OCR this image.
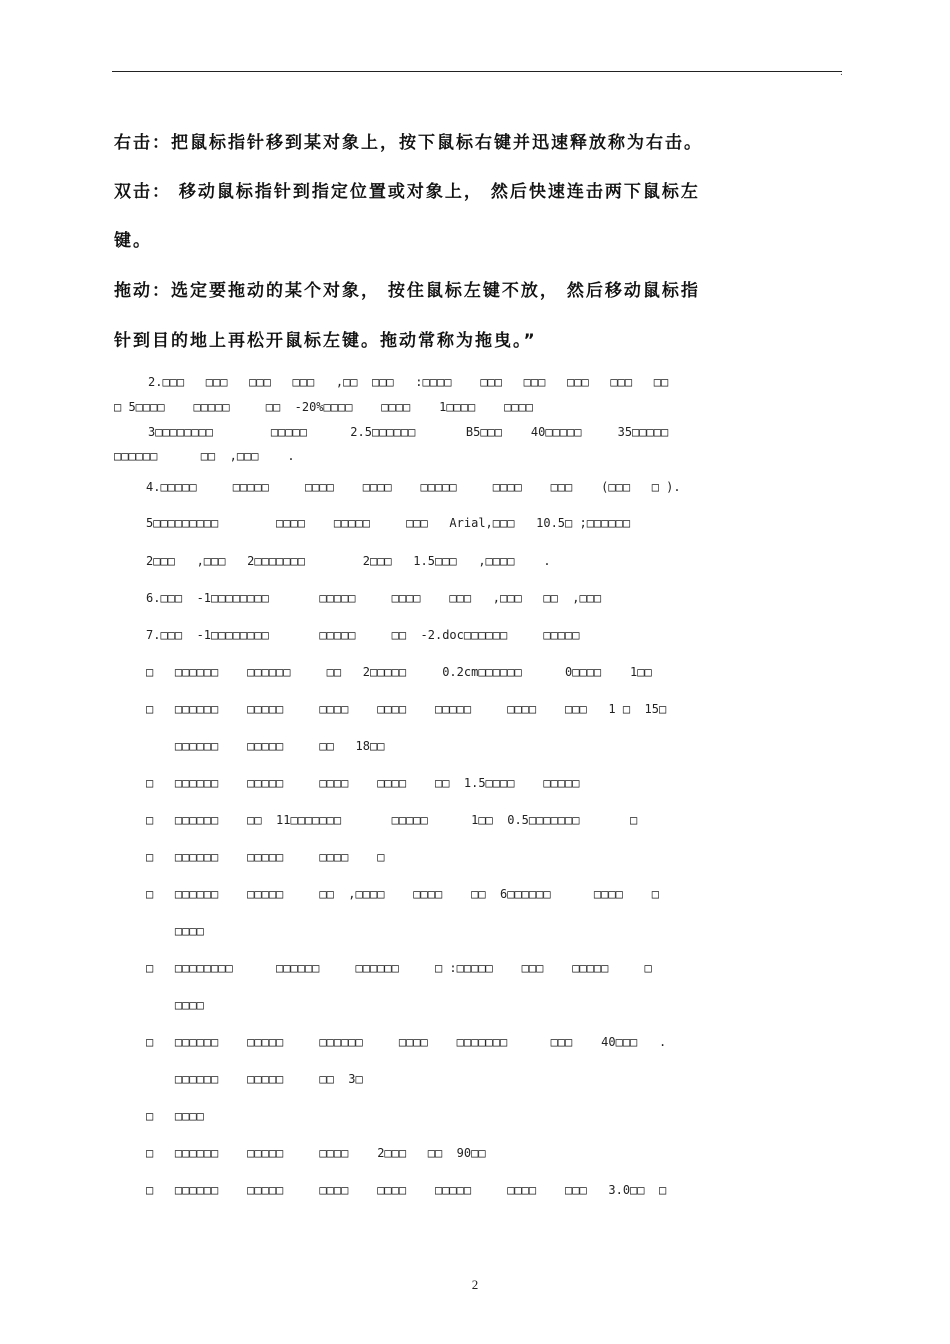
.
右击：把鼠标指针移到某对象上，按下鼠标右键并迅速释放称为右击。
双击： 移动鼠标指针到指定位置或对象上， 然后快速连击两下鼠标左
键。
拖动：选定要拖动的某个对象， 按住鼠标左键不放， 然后移动鼠标指
针到目的地上再松开鼠标左键。拖动常称为拖曳。”
2.□□□   □□□   □□□   □□□   ,□□  □□□   :□□□□    □□□   □□□   □□□   □□□   □□
□ 5□□□□    □□□□□     □□  -20%□□□□    □□□□    1□□□□    □□□□
3□□□□□□□□        □□□□□      2.5□□□□□□       B5□□□    40□□□□□     35□□□□□
□□□□□□      □□  ,□□□    .
4.□□□□□     □□□□□     □□□□    □□□□    □□□□□     □□□□    □□□    (□□□   □ ).
5□□□□□□□□□        □□□□    □□□□□     □□□   Arial,□□□   10.5□ ;□□□□□□
2□□□   ,□□□   2□□□□□□□        2□□□   1.5□□□   ,□□□□    .
6.□□□  -1□□□□□□□□       □□□□□     □□□□    □□□   ,□□□   □□  ,□□□
7.□□□  -1□□□□□□□□       □□□□□     □□  -2.doc□□□□□□     □□□□□
□   □□□□□□    □□□□□□     □□   2□□□□□     0.2cm□□□□□□      0□□□□    1□□
□   □□□□□□    □□□□□     □□□□    □□□□    □□□□□     □□□□    □□□   1 □  15□
□□□□□□    □□□□□     □□   18□□
□   □□□□□□    □□□□□     □□□□    □□□□    □□  1.5□□□□    □□□□□
□   □□□□□□    □□  11□□□□□□□       □□□□□      1□□  0.5□□□□□□□       □
□   □□□□□□    □□□□□     □□□□    □
□   □□□□□□    □□□□□     □□  ,□□□□    □□□□    □□  6□□□□□□      □□□□    □
□□□□
□   □□□□□□□□      □□□□□□     □□□□□□     □ :□□□□□    □□□    □□□□□     □
□□□□
□   □□□□□□    □□□□□     □□□□□□     □□□□    □□□□□□□      □□□    40□□□   .
□□□□□□    □□□□□     □□  3□
□   □□□□
□   □□□□□□    □□□□□     □□□□    2□□□   □□  90□□
□   □□□□□□    □□□□□     □□□□    □□□□    □□□□□     □□□□    □□□   3.0□□  □
2
